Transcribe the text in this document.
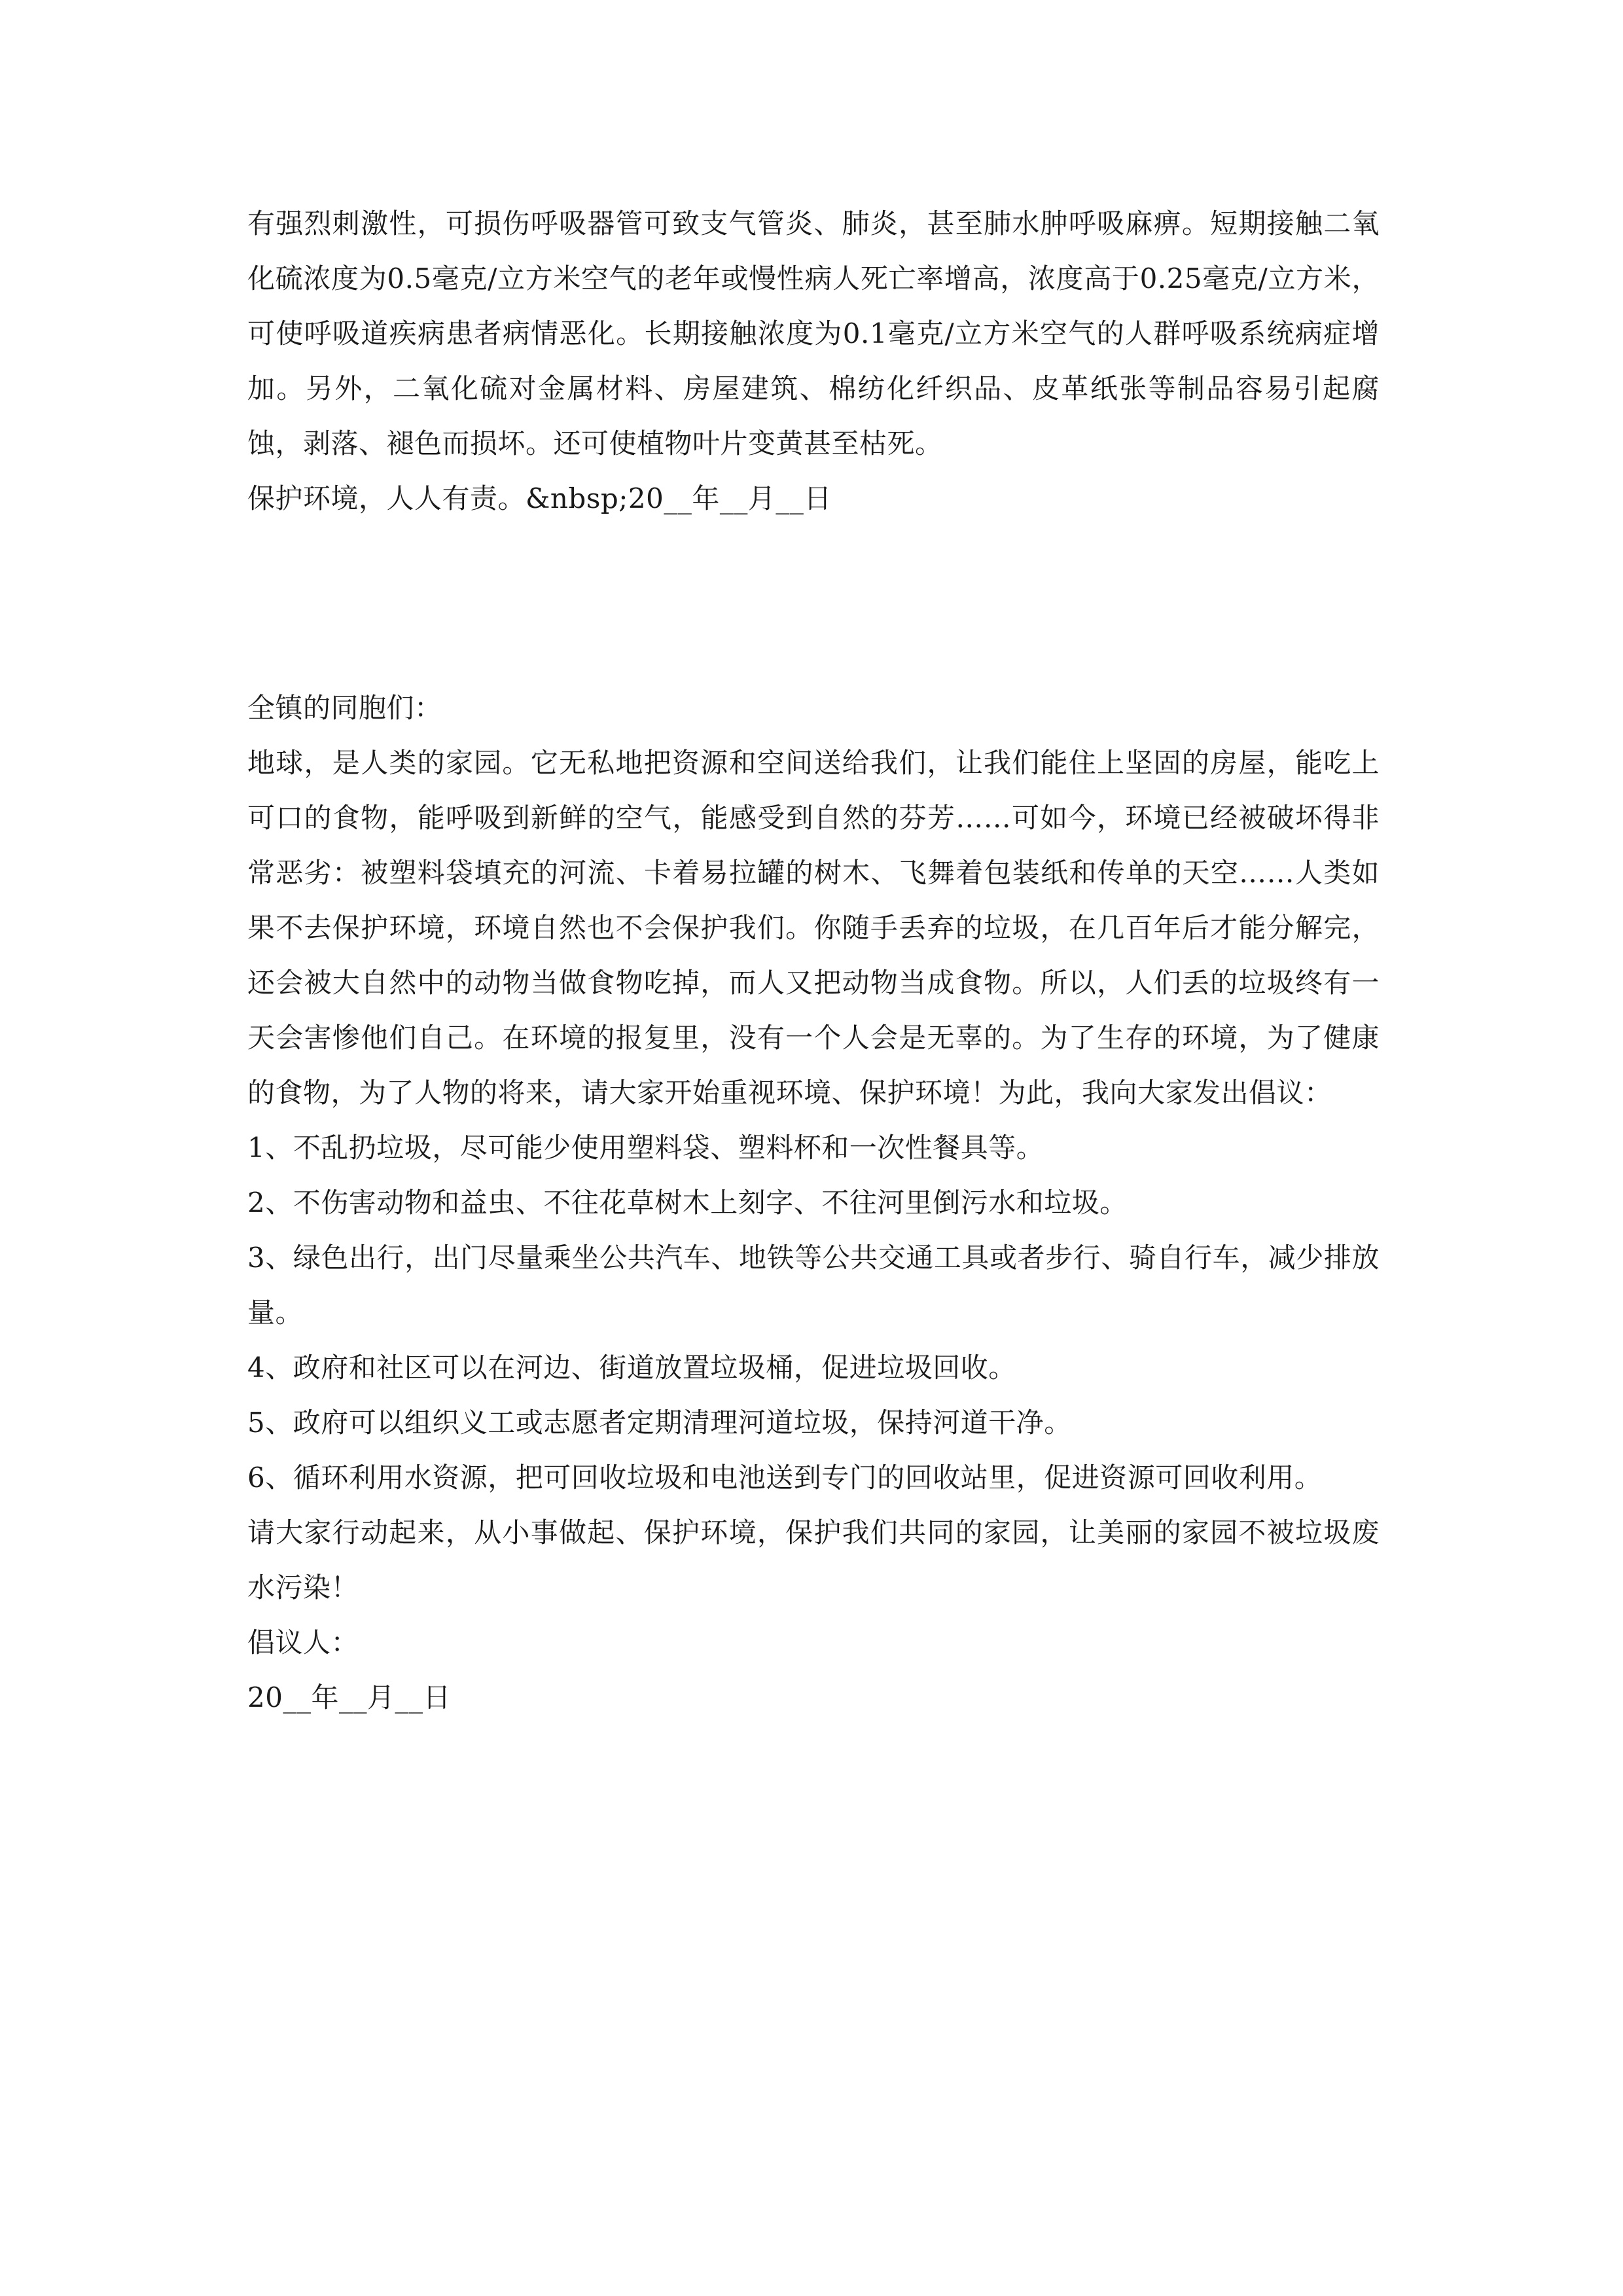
有强烈刺激性，可损伤呼吸器管可致支气管炎、肺炎，甚至肺水肿呼吸麻痹。短期接触二氧化硫浓度为0.5毫克/立方米空气的老年或慢性病人死亡率增高，浓度高于0.25毫克/立方米，可使呼吸道疾病患者病情恶化。长期接触浓度为0.1毫克/立方米空气的人群呼吸系统病症增加。另外，二氧化硫对金属材料、房屋建筑、棉纺化纤织品、皮革纸张等制品容易引起腐蚀，剥落、褪色而损坏。还可使植物叶片变黄甚至枯死。

保护环境，人人有责。&nbsp;20__年__月__日

全镇的同胞们：

地球，是人类的家园。它无私地把资源和空间送给我们，让我们能住上坚固的房屋，能吃上可口的食物，能呼吸到新鲜的空气，能感受到自然的芬芳……可如今，环境已经被破坏得非常恶劣：被塑料袋填充的河流、卡着易拉罐的树木、飞舞着包装纸和传单的天空……人类如果不去保护环境，环境自然也不会保护我们。你随手丢弃的垃圾，在几百年后才能分解完，还会被大自然中的动物当做食物吃掉，而人又把动物当成食物。所以，人们丢的垃圾终有一天会害惨他们自己。在环境的报复里，没有一个人会是无辜的。为了生存的环境，为了健康的食物，为了人物的将来，请大家开始重视环境、保护环境！为此，我向大家发出倡议：

1、不乱扔垃圾，尽可能少使用塑料袋、塑料杯和一次性餐具等。

2、不伤害动物和益虫、不往花草树木上刻字、不往河里倒污水和垃圾。

3、绿色出行，出门尽量乘坐公共汽车、地铁等公共交通工具或者步行、骑自行车，减少排放量。

4、政府和社区可以在河边、街道放置垃圾桶，促进垃圾回收。

5、政府可以组织义工或志愿者定期清理河道垃圾，保持河道干净。

6、循环利用水资源，把可回收垃圾和电池送到专门的回收站里，促进资源可回收利用。

请大家行动起来，从小事做起、保护环境，保护我们共同的家园，让美丽的家园不被垃圾废水污染！

倡议人：

20__年__月__日
